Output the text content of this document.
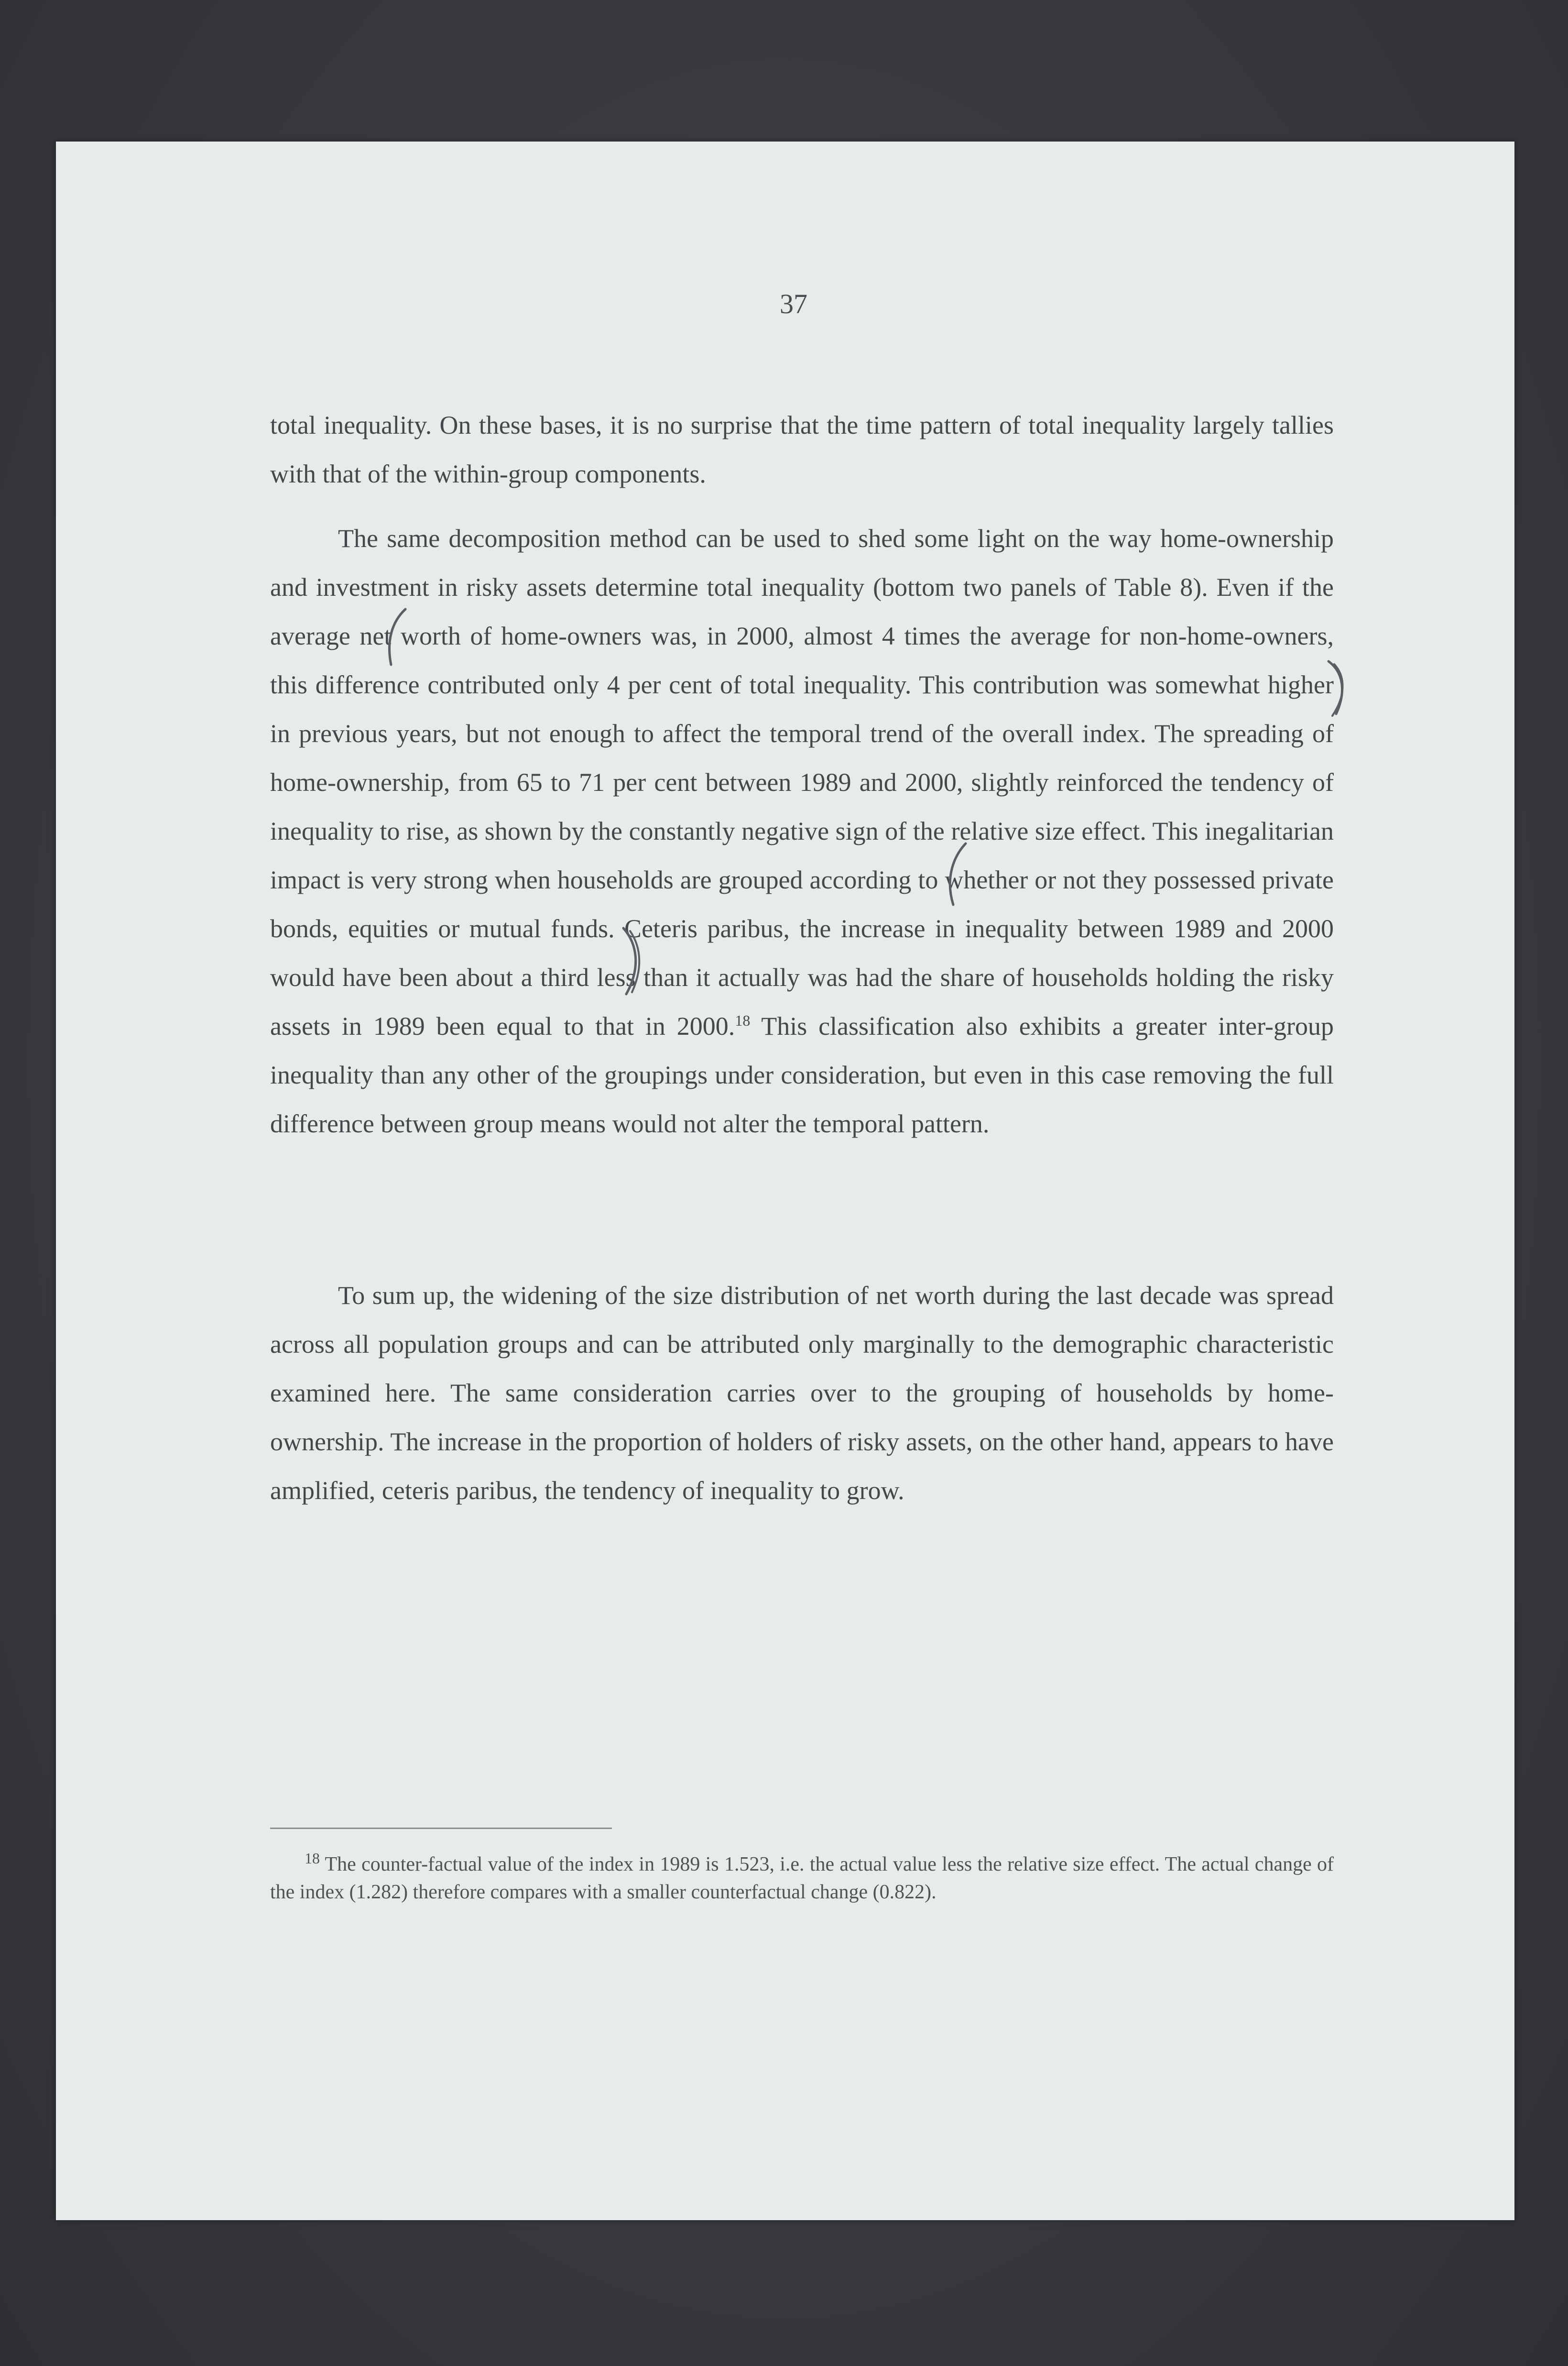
37

total inequality. On these bases, it is no surprise that the time pattern of total inequality largely tallies with that of the within-group components.

The same decomposition method can be used to shed some light on the way home-ownership and investment in risky assets determine total inequality (bottom two panels of Table 8). Even if the average net worth of home-owners was, in 2000, almost 4 times the average for non-home-owners, this difference contributed only 4 per cent of total inequality. This contribution was somewhat higher in previous years, but not enough to affect the temporal trend of the overall index. The spreading of home-ownership, from 65 to 71 per cent between 1989 and 2000, slightly reinforced the tendency of inequality to rise, as shown by the constantly negative sign of the relative size effect. This inegalitarian impact is very strong when households are grouped according to whether or not they possessed private bonds, equities or mutual funds. Ceteris paribus, the increase in inequality between 1989 and 2000 would have been about a third less than it actually was had the share of households holding the risky assets in 1989 been equal to that in 2000.18 This classification also exhibits a greater inter-group inequality than any other of the groupings under consideration, but even in this case removing the full difference between group means would not alter the temporal pattern.

To sum up, the widening of the size distribution of net worth during the last decade was spread across all population groups and can be attributed only marginally to the demographic characteristic examined here. The same consideration carries over to the grouping of households by home-ownership. The increase in the proportion of holders of risky assets, on the other hand, appears to have amplified, ceteris paribus, the tendency of inequality to grow.

$^{18}$ The counter-factual value of the index in 1989 is 1.523, i.e. the actual value less the relative size effect. The actual change of the index (1.282) therefore compares with a smaller counterfactual change (0.822).
